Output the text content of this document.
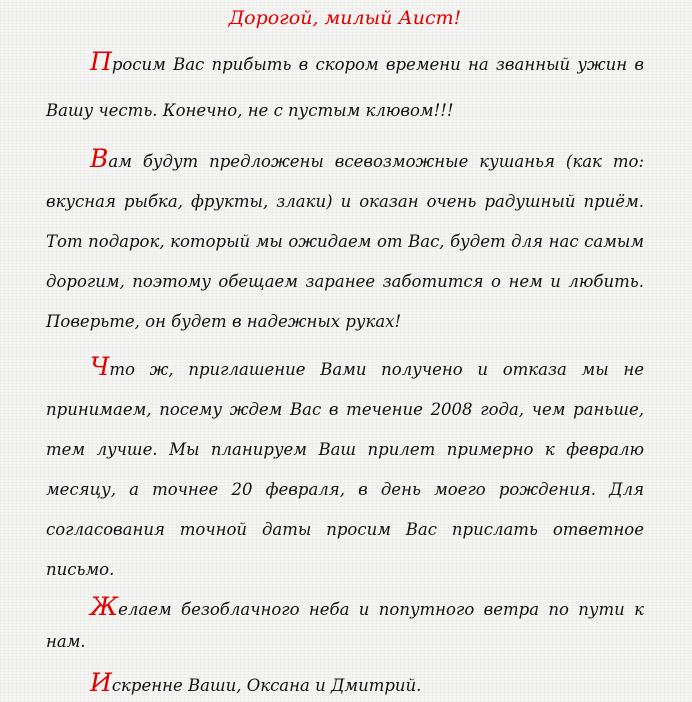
Дорогой, милый Аист!

Просим Вас прибыть в скором времени на званный ужин в Вашу честь. Конечно, не с пустым клювом!!!

Вам будут предложены всевозможные кушанья (как то: вкусная рыбка, фрукты, злаки) и оказан очень радушный приём. Тот подарок, который мы ожидаем от Вас, будет для нас самым дорогим, поэтому обещаем заранее заботится о нем и любить. Поверьте, он будет в надежных руках!

Что ж, приглашение Вами получено и отказа мы не принимаем, посему ждем Вас в течение 2008 года, чем раньше, тем лучше. Мы планируем Ваш прилет примерно к февралю месяцу, а точнее 20 февраля, в день моего рождения. Для согласования точной даты просим Вас прислать ответное письмо.

Желаем безоблачного неба и попутного ветра по пути к нам.

Искренне Ваши, Оксана и Дмитрий.
